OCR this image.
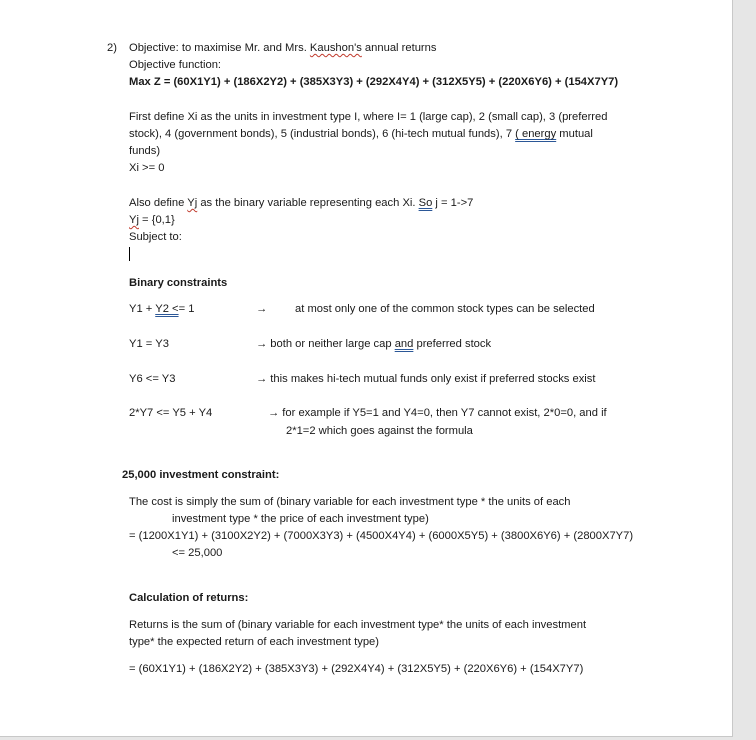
2) Objective: to maximise Mr. and Mrs. Kaushon's annual returns
Objective function:
Max Z = (60X1Y1) + (186X2Y2) + (385X3Y3) + (292X4Y4) + (312X5Y5) + (220X6Y6) + (154X7Y7)
First define Xi as the units in investment type I, where I= 1 (large cap), 2 (small cap), 3 (preferred
stock), 4 (government bonds), 5 (industrial bonds), 6 (hi-tech mutual funds), 7 ( energy mutual
funds)
Xi >= 0
Also define Yj as the binary variable representing each Xi. So j = 1->7
Yj = {0,1}
Subject to:
Binary constraints
Y1 + Y2 <= 1	→ at most only one of the common stock types can be selected
Y1 = Y3	→ both or neither large cap and preferred stock
Y6 <= Y3	→ this makes hi-tech mutual funds only exist if preferred stocks exist
2*Y7 <= Y5 + Y4	→ for example if Y5=1 and Y4=0, then Y7 cannot exist, 2*0=0, and if
2*1=2 which goes against the formula
25,000 investment constraint:
The cost is simply the sum of (binary variable for each investment type * the units of each
investment type * the price of each investment type)
= (1200X1Y1) + (3100X2Y2) + (7000X3Y3) + (4500X4Y4) + (6000X5Y5) + (3800X6Y6) + (2800X7Y7)
<= 25,000
Calculation of returns:
Returns is the sum of (binary variable for each investment type* the units of each investment
type* the expected return of each investment type)
= (60X1Y1) + (186X2Y2) + (385X3Y3) + (292X4Y4) + (312X5Y5) + (220X6Y6) + (154X7Y7)
